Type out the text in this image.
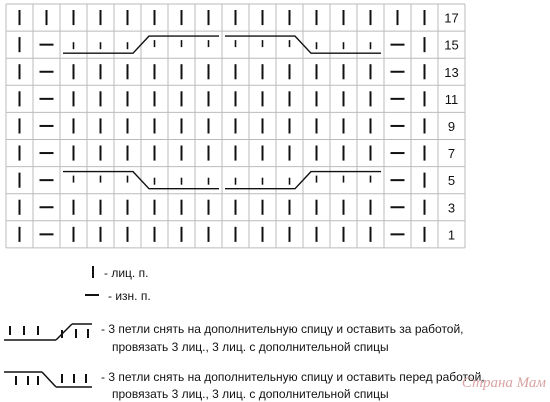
17
15
13
11
9
7
5
3
1
- лиц. п.
- изн. п.
- 3 петли снять на дополнительную спицу и оставить за работой,
провязать 3 лиц., 3 лиц. с дополнительной спицы
- 3 петли снять на дополнительную спицу и оставить перед работой,
провязать 3 лиц., 3 лиц. с дополнительной спицы
Страна Мам
